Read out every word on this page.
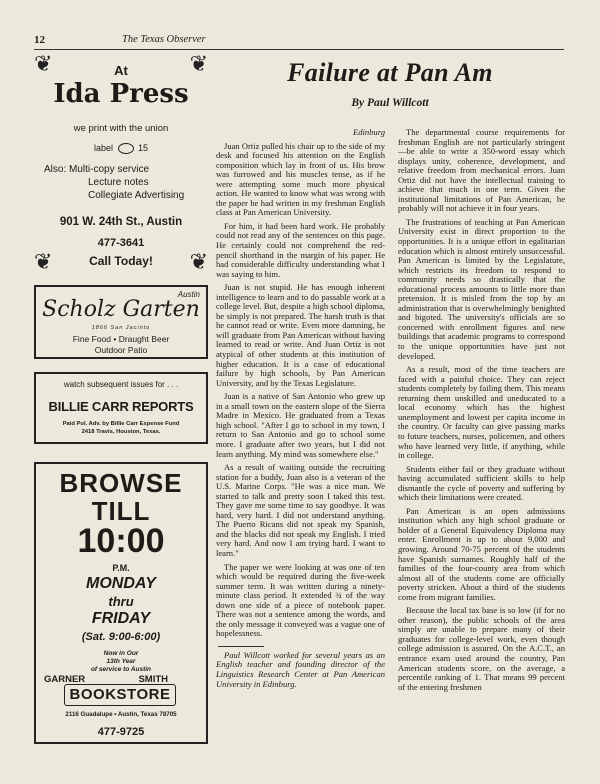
12	The Texas Observer
❦	❦
❦	❦
At
Ida Press
we print with the union
label	15
Also: Multi-copy service
Lecture notes
Collegiate Advertising
901 W. 24th St., Austin
477-3641
Call Today!
Austin
Scholz Garten
1866 San Jacinto
Fine Food • Draught Beer
Outdoor Patio
watch subsequent issues for . . .
BILLIE CARR REPORTS
Paid Pol. Adv. by Billie Carr Expense Fund
2418 Travis, Houston, Texas.
BROWSE
TILL
10:00
P.M.
MONDAY
thru
FRIDAY
(Sat. 9:00-6:00)
Now in Our
13th Year
of service to Austin
GARNER	SMITH
BOOKSTORE
2116 Guadalupe • Austin, Texas 78705
477-9725
Failure at Pan Am
By Paul Willcott

Edinburg

Juan Ortiz pulled his chair up to the side of my desk and focused his attention on the English composition which lay in front of us. His brow was furrowed and his muscles tense, as if he were attempting some much more physical action. He wanted to know what was wrong with the paper he had written in my freshman English class at Pan American University.

For him, it had been hard work. He probably could not read any of the sentences on this page. He certainly could not comprehend the red-pencil shorthand in the margin of his paper. He had considerable difficulty understanding what I was saying to him.

Juan is not stupid. He has enough inherent intelligence to learn and to do passable work at a college level. But, despite a high school diploma, he simply is not prepared. The harsh truth is that he cannot read or write. Even more damning, he will graduate from Pan American without having learned to read or write. And Juan Ortiz is not atypical of other students at this institution of higher education. It is a case of educational failure by high schools, by Pan American University, and by the Texas Legislature.

Juan is a native of San Antonio who grew up in a small town on the eastern slope of the Sierra Madre in Mexico. He graduated from a Texas high school. "After I go to school in my town, I return to San Antonio and go to school some more. I graduate after two years, but I did not learn anything. My mind was somewhere else."

As a result of waiting outside the recruiting station for a buddy, Juan also is a veteran of the U.S. Marine Corps. "He was a nice man. We started to talk and pretty soon I taked this test. They gave me some time to say goodbye. It was hard, very hard. I did not understand anything. The Puerto Ricans did not speak my Spanish, and the blacks did not speak my English. I tried very hard. And now I am trying hard. I want to learn."

The paper we were looking at was one of ten which would be required during the five-week summer term. It was written during a ninety-minute class period. It extended ¾ of the way down one side of a piece of notebook paper. There was not a sentence among the words, and the only message it conveyed was a vague one of hopelessness.

Paul Willcott worked for several years as an English teacher and founding director of the Linguistics Research Center at Pan American University in Edinburg.

The departmental course requirements for freshman English are not particularly stringent—be able to write a 350-word essay which displays unity, coherence, development, and relative freedom from mechanical errors. Juan Ortiz did not have the intellectual training to achieve that much in one term. Given the institutional limitations of Pan American, he probably will not achieve it in four years.

The frustrations of teaching at Pan American University exist in direct proportion to the opportunities. It is a unique effort in egalitarian education which is almost entirely unsuccessful. Pan American is limited by the Legislature, which restricts its freedom to respond to community needs so drastically that the educational process amounts to little more than pretension. It is misled from the top by an administration that is overwhelmingly benighted and bigoted. The university's officials are so concerned with enrollment figures and new buildings that academic programs to correspond to the unique opportunities have just not developed.

As a result, most of the time teachers are faced with a painful choice. They can reject students completely by failing them. This means returning them unskilled and uneducated to a local economy which has the highest unemployment and lowest per capita income in the country. Or faculty can give passing marks to future teachers, nurses, policemen, and others who have learned very little, if anything, while in college.

Students either fail or they graduate without having accumulated sufficient skills to help dismantle the cycle of poverty and suffering by which their limitations were created.

Pan American is an open admissions institution which any high school graduate or holder of a General Equivalency Diploma may enter. Enrollment is up to about 9,000 and growing. Around 70-75 percent of the students have Spanish surnames. Roughly half of the families of the four-county area from which almost all of the students come are officially poverty stricken. About a third of the students come from migrant families.

Because the local tax base is so low (if for no other reason), the public schools of the area simply are unable to prepare many of their graduates for college-level work, even though college admission is assured. On the A.C.T., an entrance exam used around the country, Pan American students score, on the average, a percentile ranking of 1. That means 99 percent of the entering freshmen
